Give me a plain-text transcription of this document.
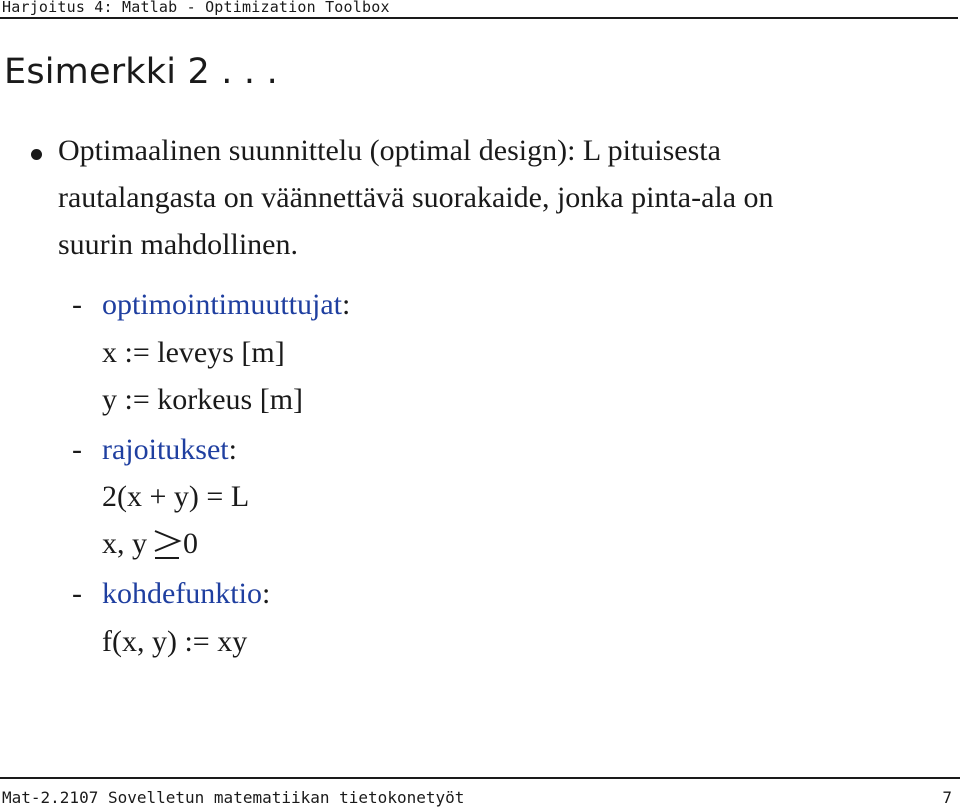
Harjoitus 4: Matlab - Optimization Toolbox
Esimerkki 2 . . .
Optimaalinen suunnittelu (optimal design): L pituisesta
rautalangasta on väännettävä suorakaide, jonka pinta-ala on
suurin mahdollinen.
- optimointimuuttujat:
x := leveys [m]
y := korkeus [m]
- rajoitukset:
2(x + y) = L
x, y 0
- kohdefunktio:
f(x, y) := xy
Mat-2.2107 Sovelletun matematiikan tietokonetyöt	7
